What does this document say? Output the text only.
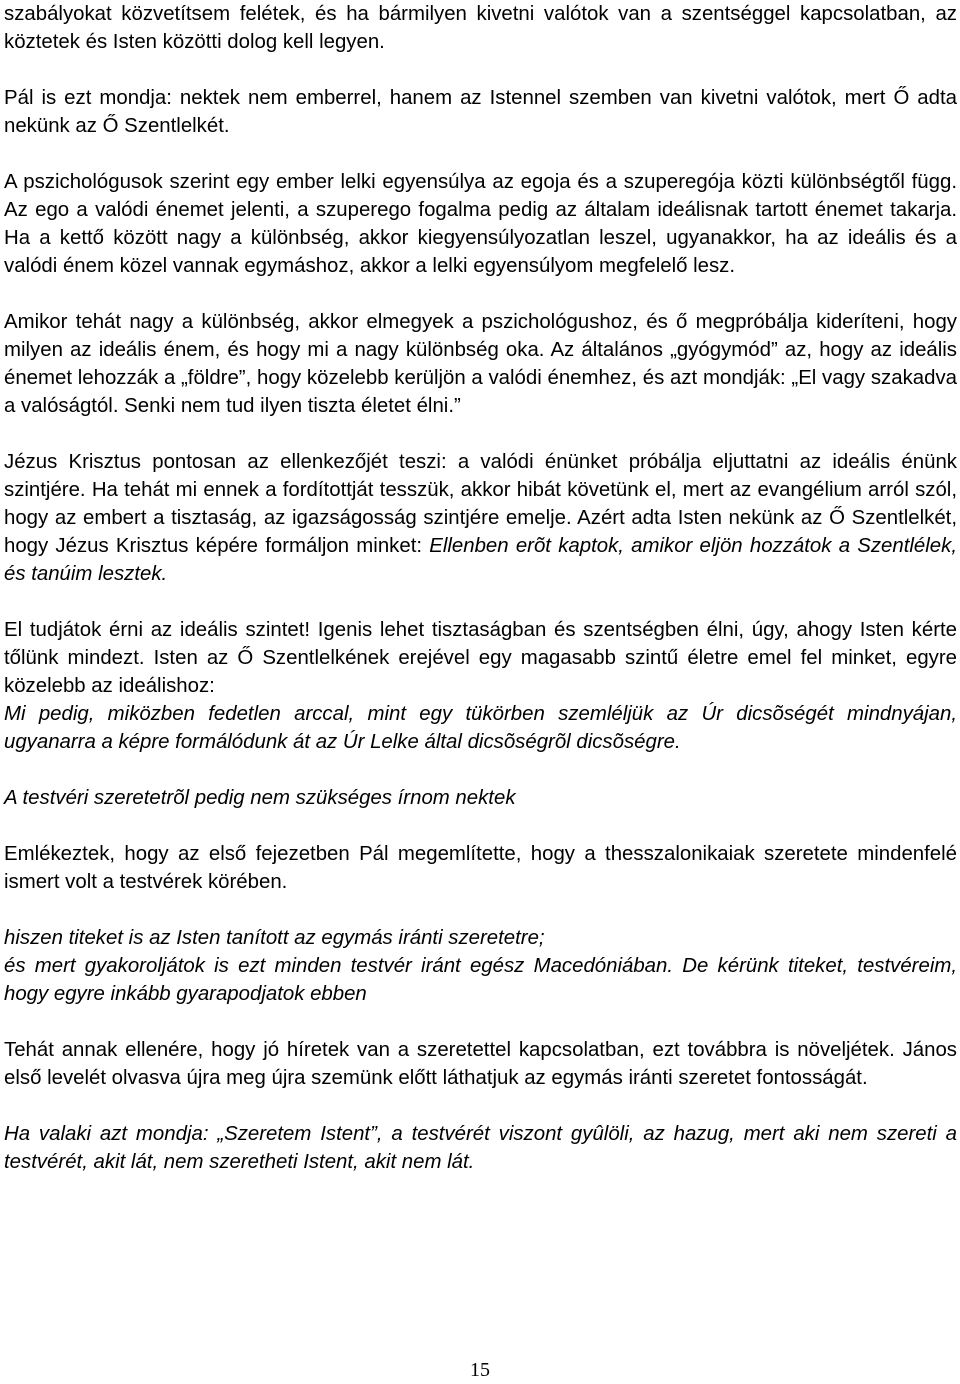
szabályokat közvetítsem felétek, és ha bármilyen kivetni valótok van a szentséggel kapcsolatban, az köztetek és Isten közötti dolog kell legyen.

Pál is ezt mondja: nektek nem emberrel, hanem az Istennel szemben van kivetni valótok, mert Ő adta nekünk az Ő Szentlelkét.

A pszichológusok szerint egy ember lelki egyensúlya az egoja és a szuperegója közti különbségtől függ. Az ego a valódi énemet jelenti, a szuperego fogalma pedig az általam ideálisnak tartott énemet takarja. Ha a kettő között nagy a különbség, akkor kiegyensúlyozatlan leszel, ugyanakkor, ha az ideális és a valódi énem közel vannak egymáshoz, akkor a lelki egyensúlyom megfelelő lesz.

Amikor tehát nagy a különbség, akkor elmegyek a pszichológushoz, és ő megpróbálja kideríteni, hogy milyen az ideális énem, és hogy mi a nagy különbség oka. Az általános „gyógymód” az, hogy az ideális énemet lehozzák a „földre”, hogy közelebb kerüljön a valódi énemhez, és azt mondják: „El vagy szakadva a valóságtól. Senki nem tud ilyen tiszta életet élni.”

Jézus Krisztus pontosan az ellenkezőjét teszi: a valódi énünket próbálja eljuttatni az ideális énünk szintjére. Ha tehát mi ennek a fordítottját tesszük, akkor hibát követünk el, mert az evangélium arról szól, hogy az embert a tisztaság, az igazságosság szintjére emelje. Azért adta Isten nekünk az Ő Szentlelkét, hogy Jézus Krisztus képére formáljon minket: Ellenben erõt kaptok, amikor eljön hozzátok a Szentlélek, és tanúim lesztek.

El tudjátok érni az ideális szintet! Igenis lehet tisztaságban és szentségben élni, úgy, ahogy Isten kérte tőlünk mindezt. Isten az Ő Szentlelkének erejével egy magasabb szintű életre emel fel minket, egyre közelebb az ideálishoz:

Mi pedig, miközben fedetlen arccal, mint egy tükörben szemléljük az Úr dicsõségét mindnyájan, ugyanarra a képre formálódunk át az Úr Lelke által dicsõségrõl dicsõségre.

A testvéri szeretetrõl pedig nem szükséges írnom nektek

Emlékeztek, hogy az első fejezetben Pál megemlítette, hogy a thesszalonikaiak szeretete mindenfelé ismert volt a testvérek körében.

hiszen titeket is az Isten tanított az egymás iránti szeretetre;

és mert gyakoroljátok is ezt minden testvér iránt egész Macedóniában. De kérünk titeket, testvéreim, hogy egyre inkább gyarapodjatok ebben

Tehát annak ellenére, hogy jó híretek van a szeretettel kapcsolatban, ezt továbbra is növeljétek. János első levelét olvasva újra meg újra szemünk előtt láthatjuk az egymás iránti szeretet fontosságát.

Ha valaki azt mondja: „Szeretem Istent”, a testvérét viszont gyûlöli, az hazug, mert aki nem szereti a testvérét, akit lát, nem szeretheti Istent, akit nem lát.

15
